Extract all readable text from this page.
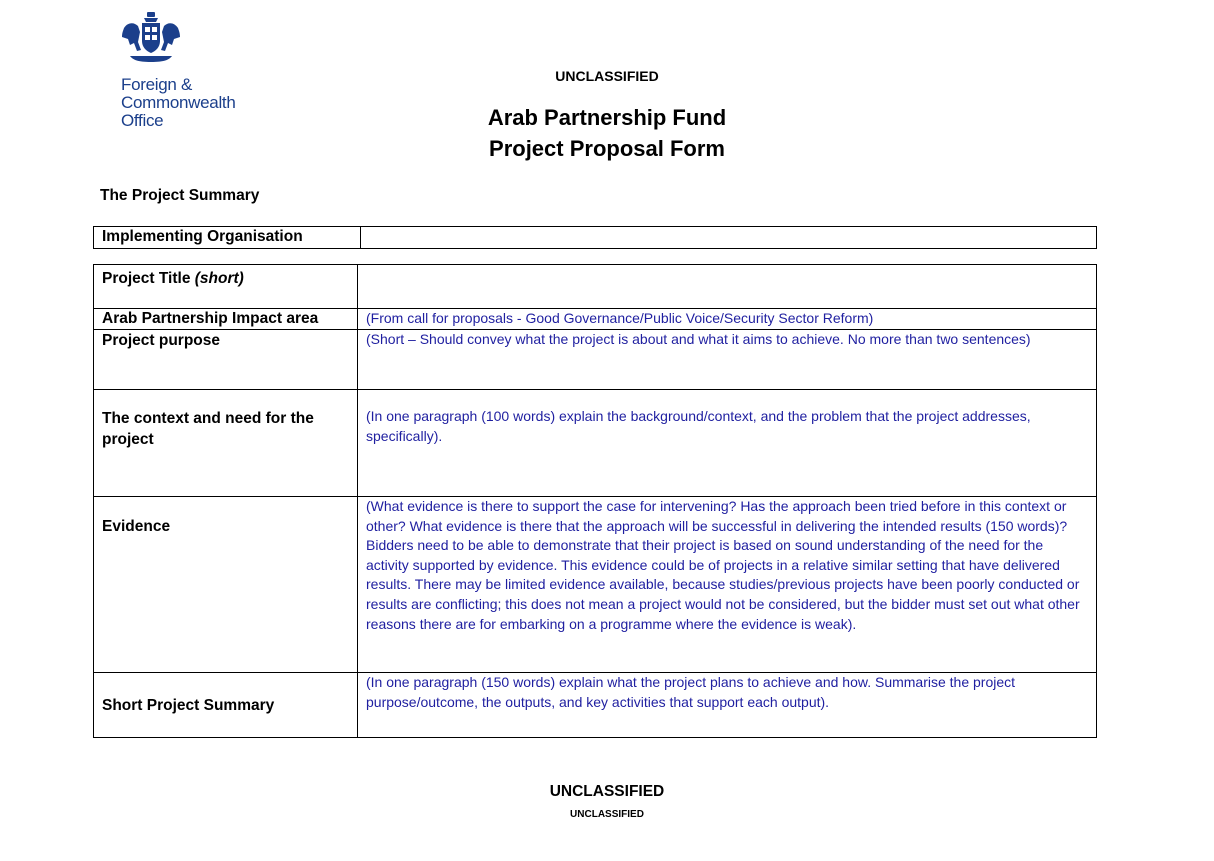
Foreign &
Commonwealth
Office
UNCLASSIFIED
Arab Partnership Fund
Project Proposal Form
The Project Summary
Implementing Organisation	
Project Title (short)	
Arab Partnership Impact area	(From call for proposals - Good Governance/Public Voice/Security Sector Reform)
Project purpose	(Short – Should convey what the project is about and what it aims to achieve. No more than two sentences)
The context and need for the project	(In one paragraph (100 words) explain the background/context, and the problem that the project addresses, specifically).
Evidence	(What evidence is there to support the case for intervening? Has the approach been tried before in this context or other? What evidence is there that the approach will be successful in delivering the intended results (150 words)? Bidders need to be able to demonstrate that their project is based on sound understanding of the need for the activity supported by evidence. This evidence could be of projects in a relative similar setting that have delivered results. There may be limited evidence available, because studies/previous projects have been poorly conducted or results are conflicting; this does not mean a project would not be considered, but the bidder must set out what other reasons there are for embarking on a programme where the evidence is weak).
Short Project Summary	(In one paragraph (150 words) explain what the project plans to achieve and how. Summarise the project purpose/outcome, the outputs, and key activities that support each output).
UNCLASSIFIED
UNCLASSIFIED
